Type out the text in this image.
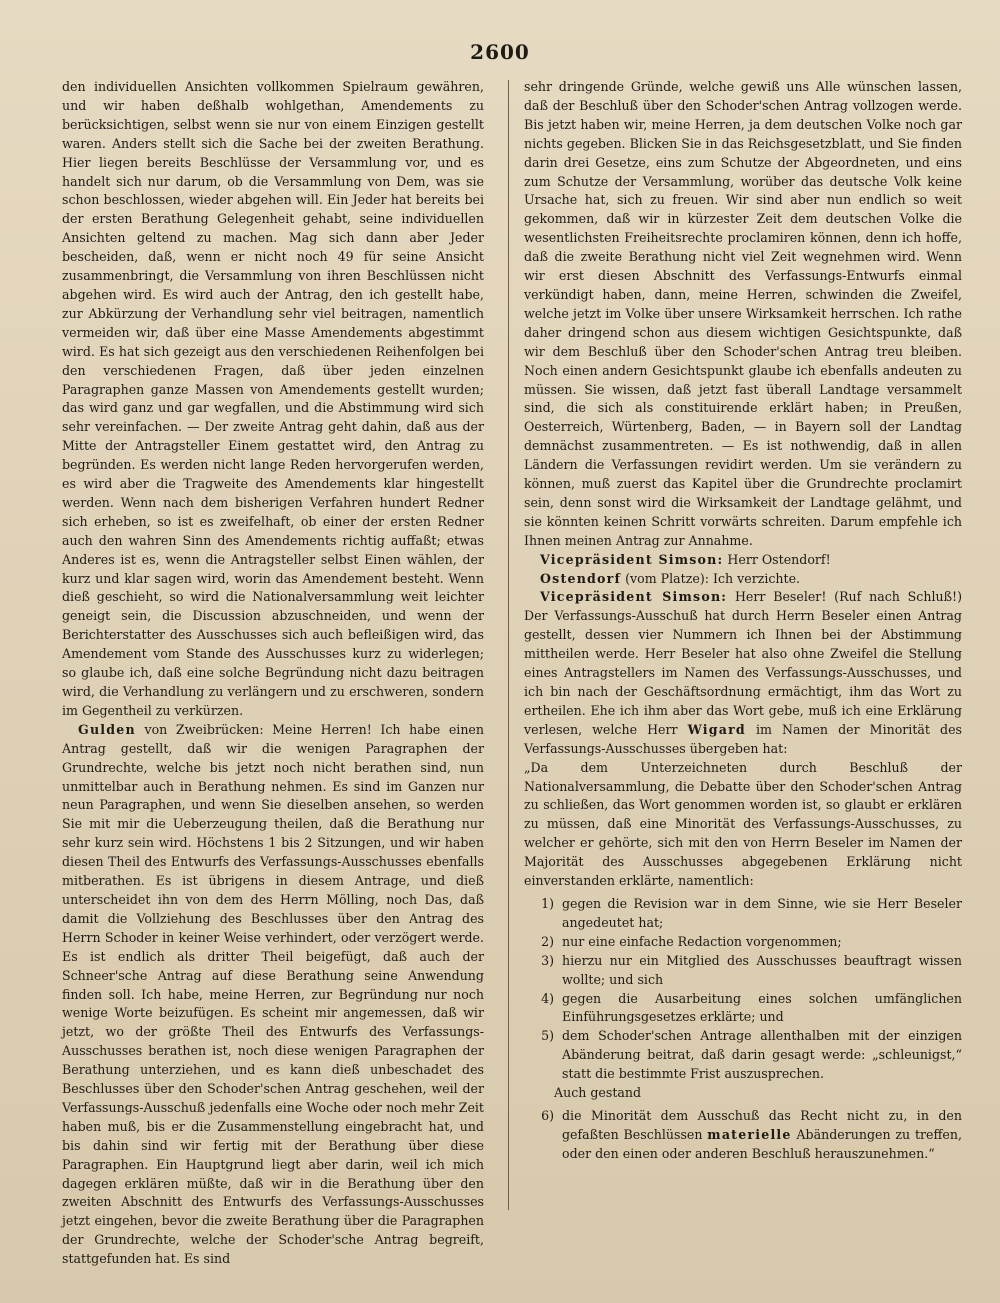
2600

den individuellen Ansichten vollkommen Spielraum gewähren, und wir haben deßhalb wohlgethan, Amendements zu berücksichtigen, selbst wenn sie nur von einem Einzigen gestellt waren. Anders stellt sich die Sache bei der zweiten Berathung. Hier liegen bereits Beschlüsse der Versammlung vor, und es handelt sich nur darum, ob die Versammlung von Dem, was sie schon beschlossen, wieder abgehen will. Ein Jeder hat bereits bei der ersten Berathung Gelegenheit gehabt, seine individuellen Ansichten geltend zu machen. Mag sich dann aber Jeder bescheiden, daß, wenn er nicht noch 49 für seine Ansicht zusammenbringt, die Versammlung von ihren Beschlüssen nicht abgehen wird. Es wird auch der Antrag, den ich gestellt habe, zur Abkürzung der Verhandlung sehr viel beitragen, namentlich vermeiden wir, daß über eine Masse Amendements abgestimmt wird. Es hat sich gezeigt aus den verschiedenen Reihenfolgen bei den verschiedenen Fragen, daß über jeden einzelnen Paragraphen ganze Massen von Amendements gestellt wurden; das wird ganz und gar wegfallen, und die Abstimmung wird sich sehr vereinfachen. — Der zweite Antrag geht dahin, daß aus der Mitte der Antragsteller Einem gestattet wird, den Antrag zu begründen. Es werden nicht lange Reden hervorgerufen werden, es wird aber die Tragweite des Amendements klar hingestellt werden. Wenn nach dem bisherigen Verfahren hundert Redner sich erheben, so ist es zweifelhaft, ob einer der ersten Redner auch den wahren Sinn des Amendements richtig auffaßt; etwas Anderes ist es, wenn die Antragsteller selbst Einen wählen, der kurz und klar sagen wird, worin das Amendement besteht. Wenn dieß geschieht, so wird die Nationalversammlung weit leichter geneigt sein, die Discussion abzuschneiden, und wenn der Berichterstatter des Ausschusses sich auch befleißigen wird, das Amendement vom Stande des Ausschusses kurz zu widerlegen; so glaube ich, daß eine solche Begründung nicht dazu beitragen wird, die Verhandlung zu verlängern und zu erschweren, sondern im Gegentheil zu verkürzen.

Gulden von Zweibrücken: Meine Herren! Ich habe einen Antrag gestellt, daß wir die wenigen Paragraphen der Grundrechte, welche bis jetzt noch nicht berathen sind, nun unmittelbar auch in Berathung nehmen. Es sind im Ganzen nur neun Paragraphen, und wenn Sie dieselben ansehen, so werden Sie mit mir die Ueberzeugung theilen, daß die Berathung nur sehr kurz sein wird. Höchstens 1 bis 2 Sitzungen, und wir haben diesen Theil des Entwurfs des Verfassungs-Ausschusses ebenfalls mitberathen. Es ist übrigens in diesem Antrage, und dieß unterscheidet ihn von dem des Herrn Mölling, noch Das, daß damit die Vollziehung des Beschlusses über den Antrag des Herrn Schoder in keiner Weise verhindert, oder verzögert werde. Es ist endlich als dritter Theil beigefügt, daß auch der Schneer'sche Antrag auf diese Berathung seine Anwendung finden soll. Ich habe, meine Herren, zur Begründung nur noch wenige Worte beizufügen. Es scheint mir angemessen, daß wir jetzt, wo der größte Theil des Entwurfs des Verfassungs-Ausschusses berathen ist, noch diese wenigen Paragraphen der Berathung unterziehen, und es kann dieß unbeschadet des Beschlusses über den Schoder'schen Antrag geschehen, weil der Verfassungs-Ausschuß jedenfalls eine Woche oder noch mehr Zeit haben muß, bis er die Zusammenstellung eingebracht hat, und bis dahin sind wir fertig mit der Berathung über diese Paragraphen. Ein Hauptgrund liegt aber darin, weil ich mich dagegen erklären müßte, daß wir in die Berathung über den zweiten Abschnitt des Entwurfs des Verfassungs-Ausschusses jetzt eingehen, bevor die zweite Berathung über die Paragraphen der Grundrechte, welche der Schoder'sche Antrag begreift, stattgefunden hat. Es sind

sehr dringende Gründe, welche gewiß uns Alle wünschen lassen, daß der Beschluß über den Schoder'schen Antrag vollzogen werde. Bis jetzt haben wir, meine Herren, ja dem deutschen Volke noch gar nichts gegeben. Blicken Sie in das Reichsgesetzblatt, und Sie finden darin drei Gesetze, eins zum Schutze der Abgeordneten, und eins zum Schutze der Versammlung, worüber das deutsche Volk keine Ursache hat, sich zu freuen. Wir sind aber nun endlich so weit gekommen, daß wir in kürzester Zeit dem deutschen Volke die wesentlichsten Freiheitsrechte proclamiren können, denn ich hoffe, daß die zweite Berathung nicht viel Zeit wegnehmen wird. Wenn wir erst diesen Abschnitt des Verfassungs-Entwurfs einmal verkündigt haben, dann, meine Herren, schwinden die Zweifel, welche jetzt im Volke über unsere Wirksamkeit herrschen. Ich rathe daher dringend schon aus diesem wichtigen Gesichtspunkte, daß wir dem Beschluß über den Schoder'schen Antrag treu bleiben. Noch einen andern Gesichtspunkt glaube ich ebenfalls andeuten zu müssen. Sie wissen, daß jetzt fast überall Landtage versammelt sind, die sich als constituirende erklärt haben; in Preußen, Oesterreich, Würtenberg, Baden, — in Bayern soll der Landtag demnächst zusammentreten. — Es ist nothwendig, daß in allen Ländern die Verfassungen revidirt werden. Um sie verändern zu können, muß zuerst das Kapitel über die Grundrechte proclamirt sein, denn sonst wird die Wirksamkeit der Landtage gelähmt, und sie könnten keinen Schritt vorwärts schreiten. Darum empfehle ich Ihnen meinen Antrag zur Annahme.

Vicepräsident Simson: Herr Ostendorf!

Ostendorf (vom Platze): Ich verzichte.

Vicepräsident Simson: Herr Beseler! (Ruf nach Schluß!) Der Verfassungs-Ausschuß hat durch Herrn Beseler einen Antrag gestellt, dessen vier Nummern ich Ihnen bei der Abstimmung mittheilen werde. Herr Beseler hat also ohne Zweifel die Stellung eines Antragstellers im Namen des Verfassungs-Ausschusses, und ich bin nach der Geschäftsordnung ermächtigt, ihm das Wort zu ertheilen. Ehe ich ihm aber das Wort gebe, muß ich eine Erklärung verlesen, welche Herr Wigard im Namen der Minorität des Verfassungs-Ausschusses übergeben hat:

„Da dem Unterzeichneten durch Beschluß der Nationalversammlung, die Debatte über den Schoder'schen Antrag zu schließen, das Wort genommen worden ist, so glaubt er erklären zu müssen, daß eine Minorität des Verfassungs-Ausschusses, zu welcher er gehörte, sich mit den von Herrn Beseler im Namen der Majorität des Ausschusses abgegebenen Erklärung nicht einverstanden erklärte, namentlich:

1) gegen die Revision war in dem Sinne, wie sie Herr Beseler angedeutet hat;
2) nur eine einfache Redaction vorgenommen;
3) hierzu nur ein Mitglied des Ausschusses beauftragt wissen wollte; und sich
4) gegen die Ausarbeitung eines solchen umfänglichen Einführungsgesetzes erklärte; und
5) dem Schoder'schen Antrage allenthalben mit der einzigen Abänderung beitrat, daß darin gesagt werde: „schleunigst,“ statt die bestimmte Frist auszusprechen.
Auch gestand
6) die Minorität dem Ausschuß das Recht nicht zu, in den gefaßten Beschlüssen materielle Abänderungen zu treffen, oder den einen oder anderen Beschluß herauszunehmen.“
